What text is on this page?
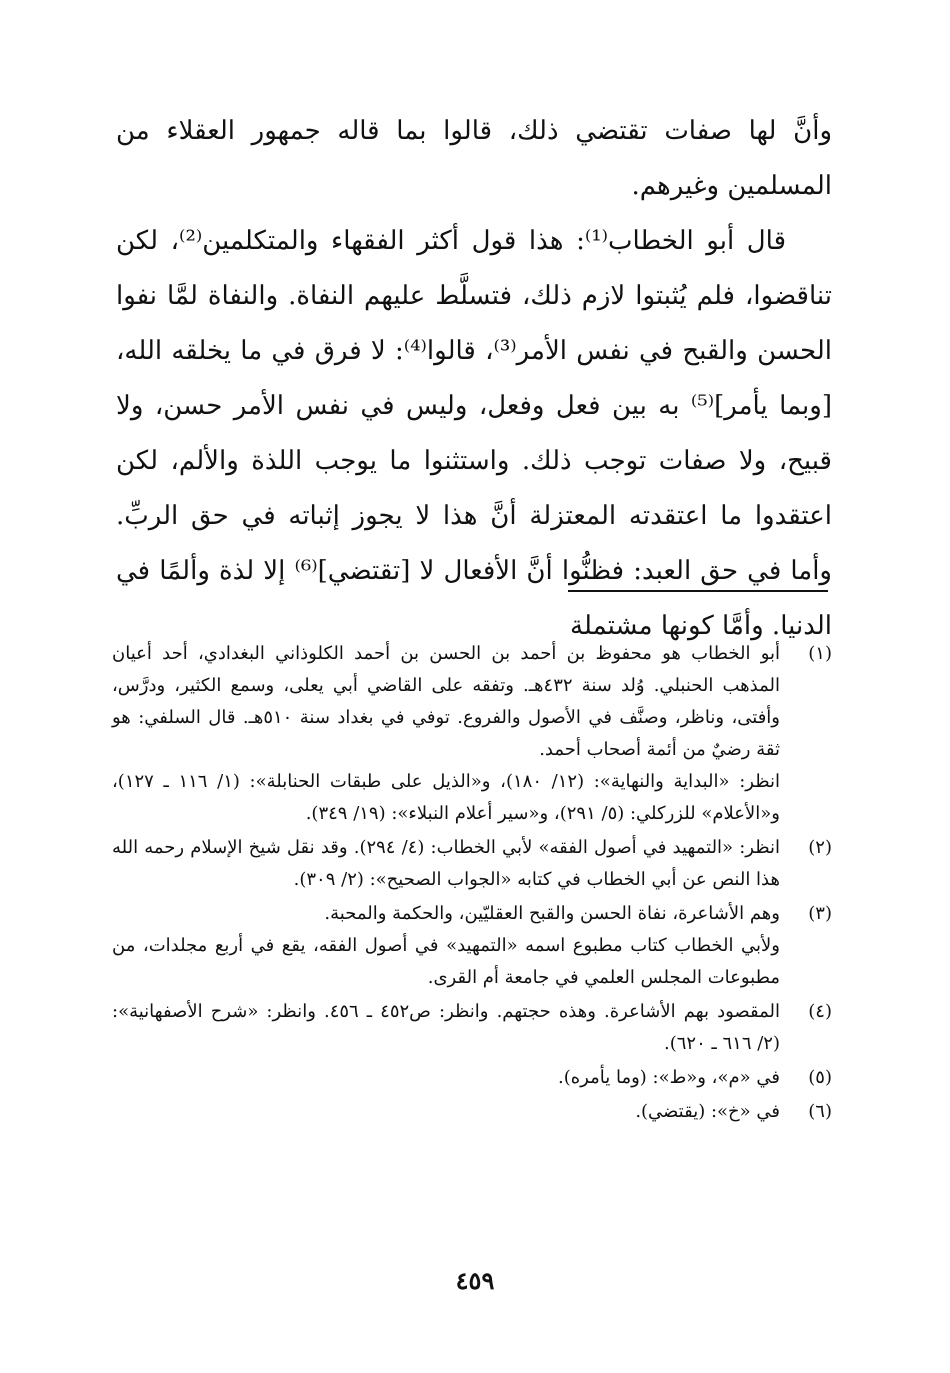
وأنَّ لها صفات تقتضي ذلك، قالوا بما قاله جمهور العقلاء من المسلمين وغيرهم.

قال أبو الخطاب⁽¹⁾: هذا قول أكثر الفقهاء والمتكلمين⁽²⁾، لكن تناقضوا، فلم يُثبتوا لازم ذلك، فتسلَّط عليهم النفاة. والنفاة لمَّا نفوا الحسن والقبح في نفس الأمر⁽³⁾، قالوا⁽⁴⁾: لا فرق في ما يخلقه الله، [وبما يأمر]⁽⁵⁾ به بين فعل وفعل، وليس في نفس الأمر حسن، ولا قبيح، ولا صفات توجب ذلك. واستثنوا ما يوجب اللذة والألم، لكن اعتقدوا ما اعتقدته المعتزلة أنَّ هذا لا يجوز إثباته في حق الربِّ. وأما في حق العبد: فظنُّوا أنَّ الأفعال لا [تقتضي]⁽⁶⁾ إلا لذة وألمًا في الدنيا. وأمَّا كونها مشتملة

(١)

أبو الخطاب هو محفوظ بن أحمد بن الحسن بن أحمد الكلوذاني البغدادي، أحد أعيان المذهب الحنبلي. وُلد سنة ٤٣٢هـ. وتفقه على القاضي أبي يعلى، وسمع الكثير، ودرَّس، وأفتى، وناظر، وصنَّف في الأصول والفروع. توفي في بغداد سنة ٥١٠هـ. قال السلفي: هو ثقة رضيٌ من أئمة أصحاب أحمد.

انظر: «البداية والنهاية»: (١٢/ ١٨٠)، و«الذيل على طبقات الحنابلة»: (١/ ١١٦ ـ ١٢٧)، و«الأعلام» للزركلي: (٥/ ٢٩١)، و«سير أعلام النبلاء»: (١٩/ ٣٤٩).

(٢)

انظر: «التمهيد في أصول الفقه» لأبي الخطاب: (٤/ ٢٩٤). وقد نقل شيخ الإسلام رحمه الله هذا النص عن أبي الخطاب في كتابه «الجواب الصحيح»: (٢/ ٣٠٩).

(٣)

وهم الأشاعرة، نفاة الحسن والقبح العقليّين، والحكمة والمحبة.

ولأبي الخطاب كتاب مطبوع اسمه «التمهيد» في أصول الفقه، يقع في أربع مجلدات، من مطبوعات المجلس العلمي في جامعة أم القرى.

(٤)

المقصود بهم الأشاعرة. وهذه حجتهم. وانظر: ص٤٥٢ ـ ٤٥٦. وانظر: «شرح الأصفهانية»: (٢/ ٦١٦ ـ ٦٢٠).

(٥)

في «م»، و«ط»: (وما يأمره).

(٦)

في «خ»: (يقتضي).

٤٥٩
